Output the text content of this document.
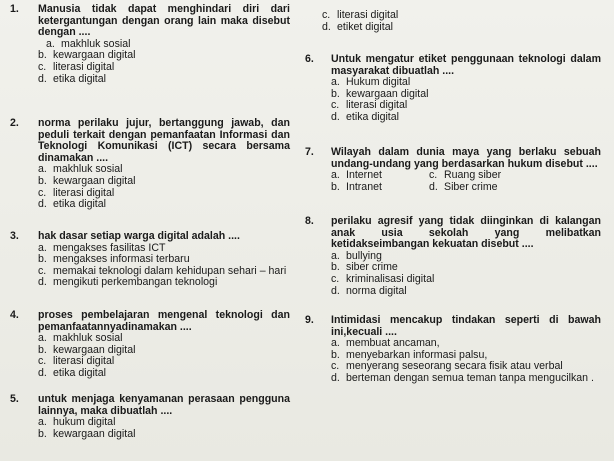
1. Manusia tidak dapat menghindari diri dari ketergantungan dengan orang lain maka disebut dengan ....
a. makhluk sosial
b. kewargaan digital
c. literasi digital
d. etika digital
2. norma perilaku jujur, bertanggung jawab, dan peduli terkait dengan pemanfaatan Informasi dan Teknologi Komunikasi (ICT) secara bersama dinamakan ....
a. makhluk sosial
b. kewargaan digital
c. literasi digital
d. etika digital
3. hak dasar setiap warga digital adalah ....
a. mengakses fasilitas ICT
b. mengakses informasi terbaru
c. memakai teknologi dalam kehidupan sehari – hari
d. mengikuti perkembangan teknologi
4. proses pembelajaran mengenal teknologi dan pemanfaatannyadinamakan ....
a. makhluk sosial
b. kewargaan digital
c. literasi digital
d. etika digital
5. untuk menjaga kenyamanan perasaan pengguna lainnya, maka dibuatlah ....
a. hukum digital
b. kewargaan digital
c. literasi digital
d. etiket digital
6. Untuk mengatur etiket penggunaan teknologi dalam masyarakat dibuatlah ....
a. Hukum digital
b. kewargaan digital
c. literasi digital
d. etika digital
7. Wilayah dalam dunia maya yang berlaku sebuah undang-undang yang berdasarkan hukum disebut ....
a. Internet	c. Ruang siber
b. Intranet	d. Siber crime
8. perilaku agresif yang tidak diinginkan di kalangan anak usia sekolah yang melibatkan ketidakseimbangan kekuatan disebut ....
a. bullying
b. siber crime
c. kriminalisasi digital
d. norma digital
9. Intimidasi mencakup tindakan seperti di bawah ini,kecuali ....
a. membuat ancaman,
b. menyebarkan informasi palsu,
c. menyerang seseorang secara fisik atau verbal
d. berteman dengan semua teman tanpa mengucilkan .
